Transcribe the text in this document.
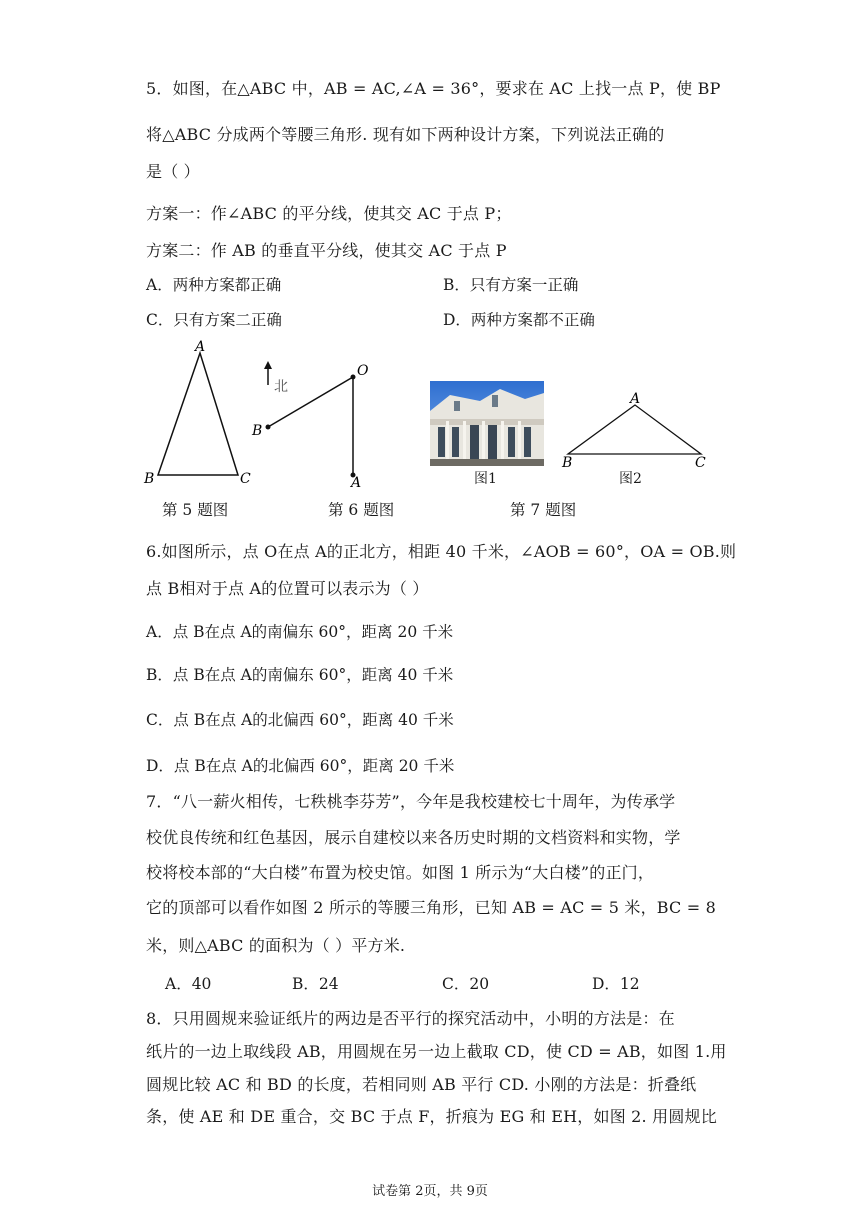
5．如图，在△ABC 中，AB = AC,∠A = 36°，要求在 AC 上找一点 P，使 BP
将△ABC 分成两个等腰三角形. 现有如下两种设计方案，下列说法正确的
是（ ）
方案一：作∠ABC 的平分线，使其交 AC 于点 P；
方案二：作 AB 的垂直平分线，使其交 AC 于点 P
A．两种方案都正确	B．只有方案一正确
C．只有方案二正确	D．两种方案都不正确
A
B	C
北
O
B
A	图1
A
B	C
图2
第 5 题图	第 6 题图	第 7 题图
6.如图所示，点 O在点 A的正北方，相距 40 千米，∠AOB = 60°，OA = OB.则
点 B相对于点 A的位置可以表示为（ ）
A．点 B在点 A的南偏东 60°，距离 20 千米
B．点 B在点 A的南偏东 60°，距离 40 千米
C．点 B在点 A的北偏西 60°，距离 40 千米
D．点 B在点 A的北偏西 60°，距离 20 千米
7．“八一薪火相传，七秩桃李芬芳”，今年是我校建校七十周年，为传承学
校优良传统和红色基因，展示自建校以来各历史时期的文档资料和实物，学
校将校本部的“大白楼”布置为校史馆。如图 1 所示为“大白楼”的正门，
它的顶部可以看作如图 2 所示的等腰三角形，已知 AB = AC = 5 米，BC = 8
米，则△ABC 的面积为（ ）平方米.
A．40	B．24	C．20	D．12
8．只用圆规来验证纸片的两边是否平行的探究活动中，小明的方法是：在
纸片的一边上取线段 AB，用圆规在另一边上截取 CD，使 CD = AB，如图 1.用
圆规比较 AC 和 BD 的长度，若相同则 AB 平行 CD. 小刚的方法是：折叠纸
条，使 AE 和 DE 重合，交 BC 于点 F，折痕为 EG 和 EH，如图 2. 用圆规比
试卷第 2页，共 9页
